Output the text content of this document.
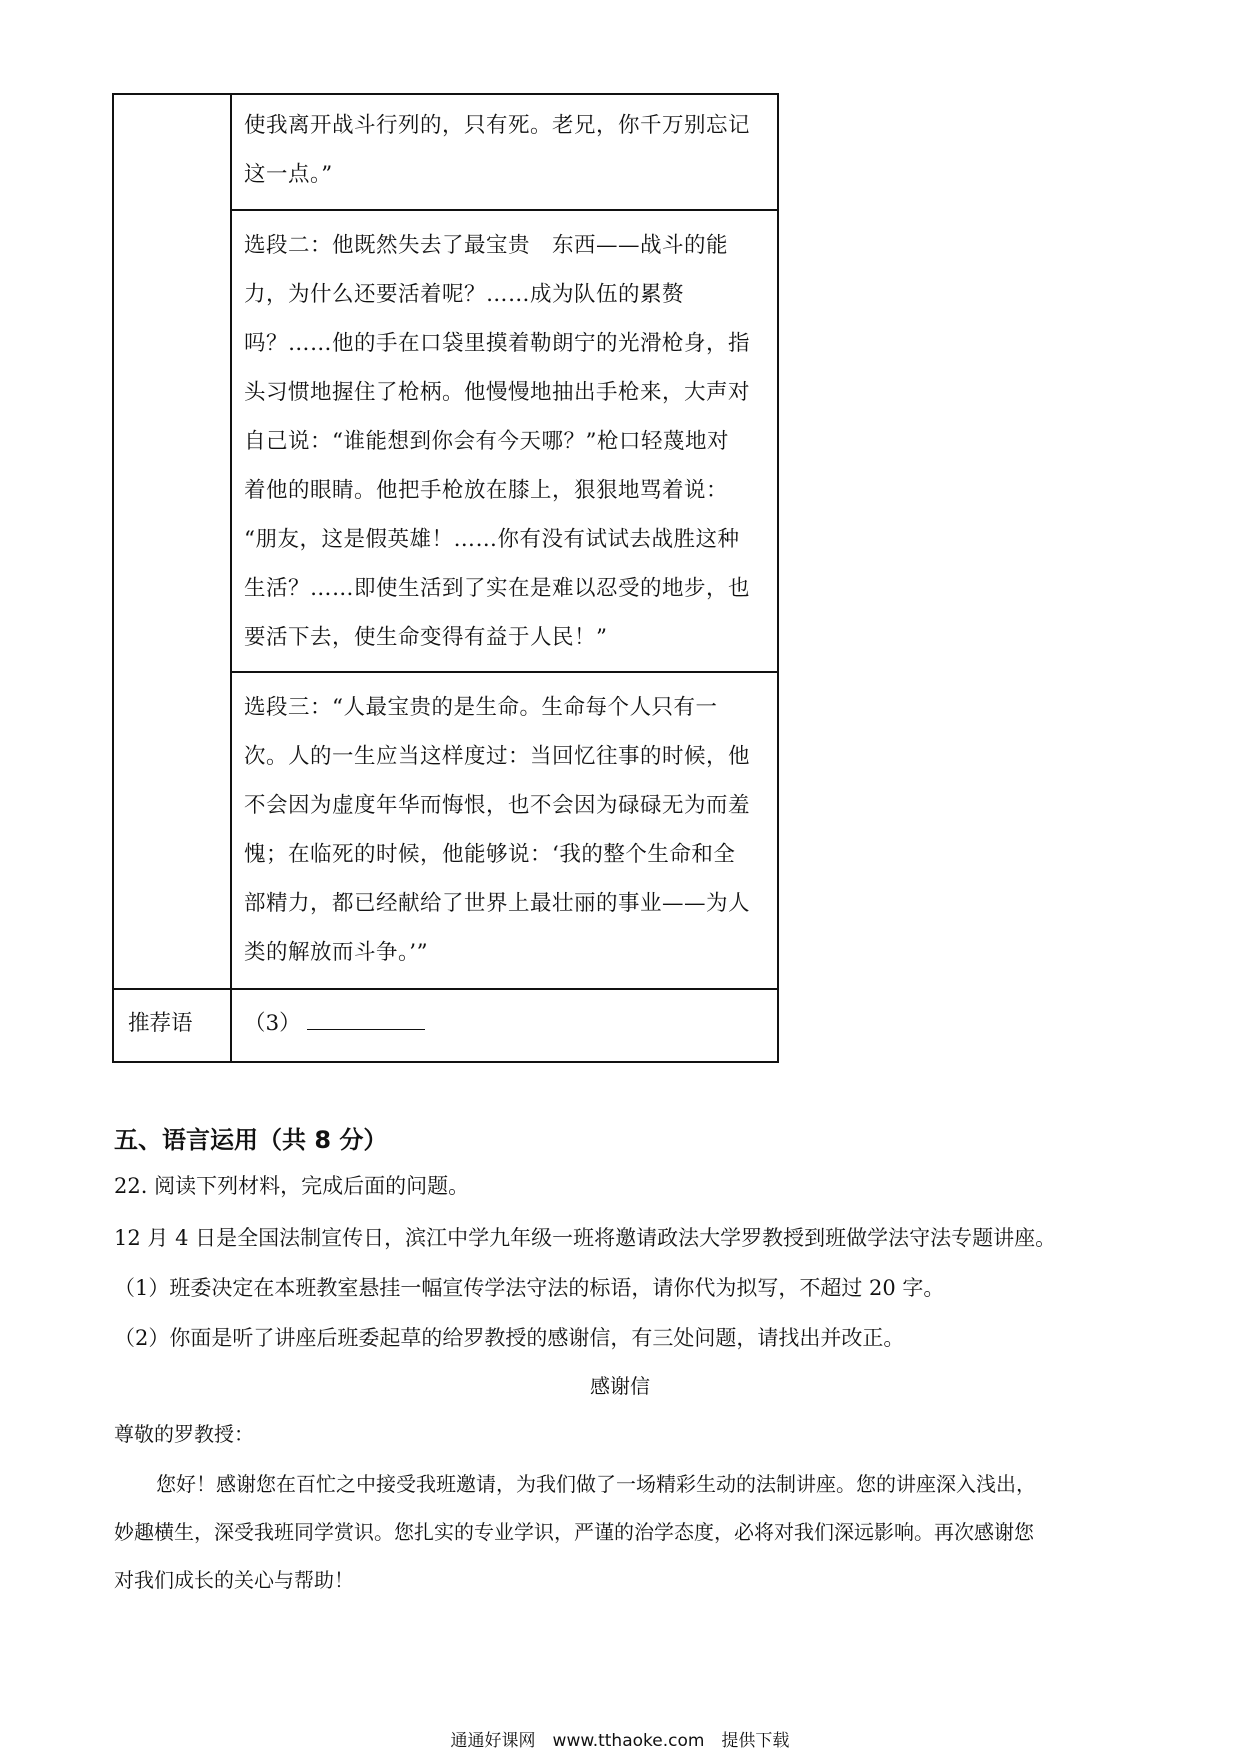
使我离开战斗行列的，只有死。老兄，你千万别忘记
这一点。”
选段二：他既然失去了最宝贵　东西——战斗的能
力，为什么还要活着呢？……成为队伍的累赘
吗？……他的手在口袋里摸着勒朗宁的光滑枪身，指
头习惯地握住了枪柄。他慢慢地抽出手枪来，大声对
自己说：“谁能想到你会有今天哪？”枪口轻蔑地对
着他的眼睛。他把手枪放在膝上，狠狠地骂着说：
“朋友，这是假英雄！……你有没有试试去战胜这种
生活？……即使生活到了实在是难以忍受的地步，也
要活下去，使生命变得有益于人民！”
选段三：“人最宝贵的是生命。生命每个人只有一
次。人的一生应当这样度过：当回忆往事的时候，他
不会因为虚度年华而悔恨，也不会因为碌碌无为而羞
愧；在临死的时候，他能够说：‘我的整个生命和全
部精力，都已经献给了世界上最壮丽的事业——为人
类的解放而斗争。’”
推荐语 （3）
五、语言运用（共 8 分）
22. 阅读下列材料，完成后面的问题。
12 月 4 日是全国法制宣传日，滨江中学九年级一班将邀请政法大学罗教授到班做学法守法专题讲座。
（1）班委决定在本班教室悬挂一幅宣传学法守法的标语，请你代为拟写，不超过 20 字。
（2）你面是听了讲座后班委起草的给罗教授的感谢信，有三处问题，请找出并改正。
感谢信
尊敬的罗教授：
您好！感谢您在百忙之中接受我班邀请，为我们做了一场精彩生动的法制讲座。您的讲座深入浅出，
妙趣横生，深受我班同学赏识。您扎实的专业学识，严谨的治学态度，必将对我们深远影响。再次感谢您
对我们成长的关心与帮助！
通通好课网　www.tthaoke.com　提供下载
